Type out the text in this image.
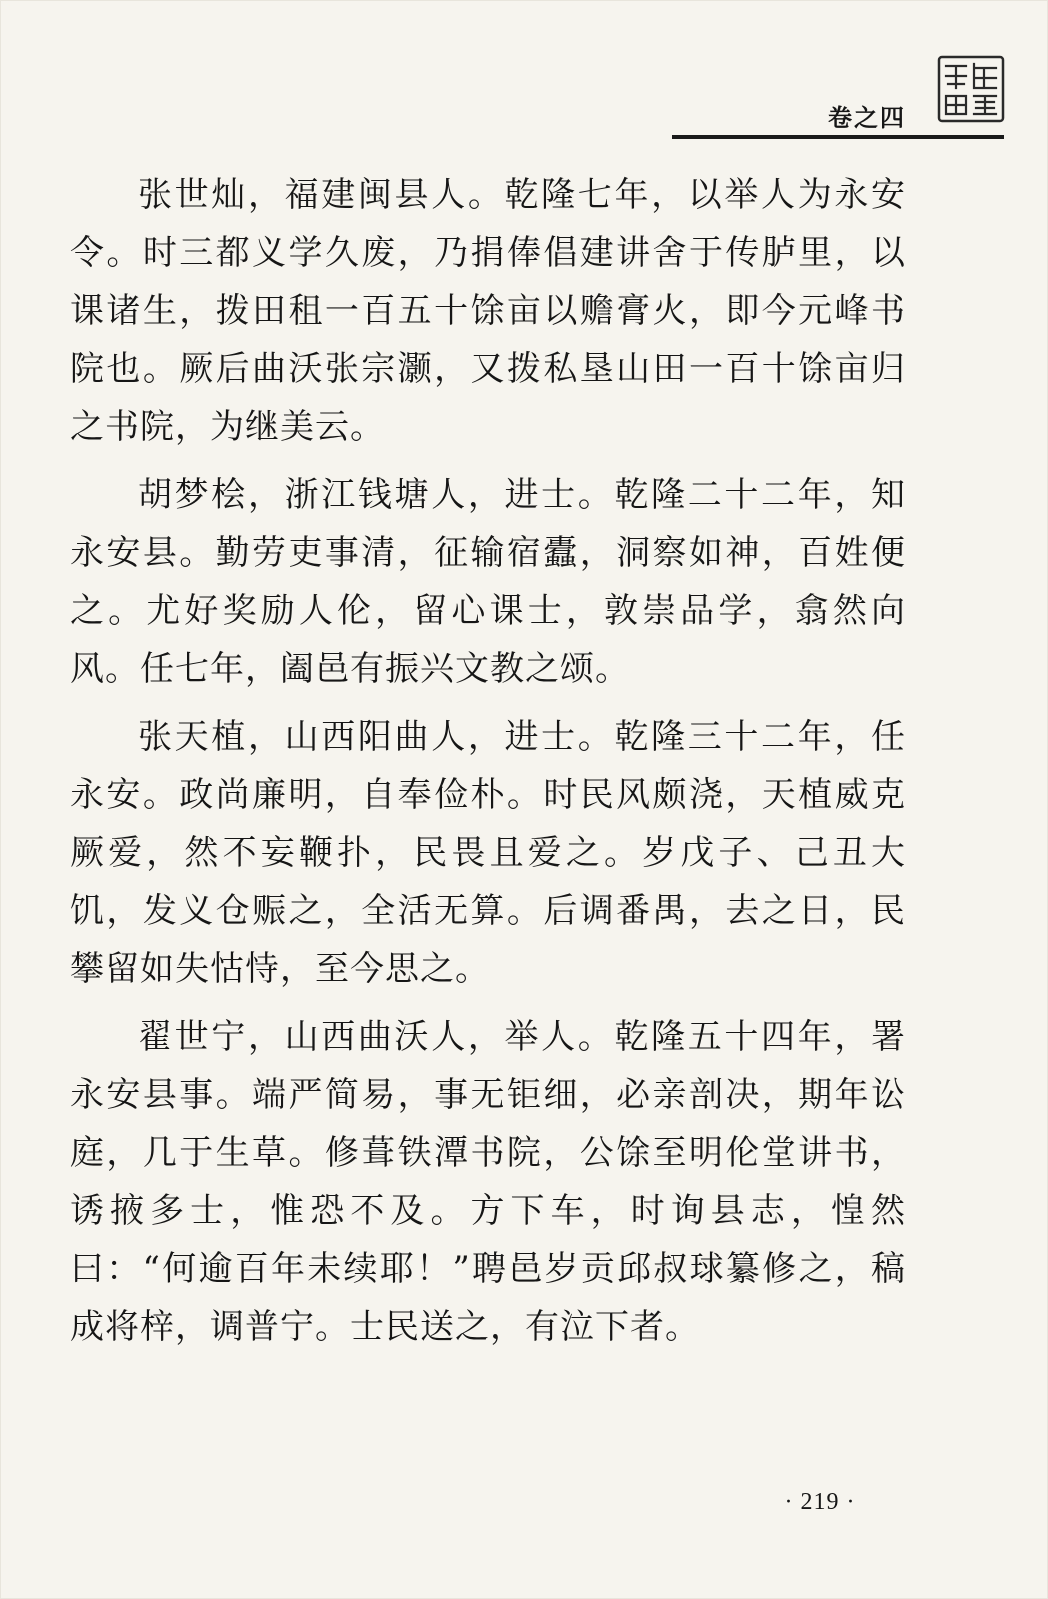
卷之四

张世灿，福建闽县人。乾隆七年，以举人为永安令。时三都义学久废，乃捐俸倡建讲舍于传胪里，以课诸生，拨田租一百五十馀亩以赡膏火，即今元峰书院也。厥后曲沃张宗灏，又拨私垦山田一百十馀亩归之书院，为继美云。

胡梦桧，浙江钱塘人，进士。乾隆二十二年，知永安县。勤劳吏事清，征输宿蠹，洞察如神，百姓便之。尤好奖励人伦，留心课士，敦崇品学，翕然向风。任七年，阖邑有振兴文教之颂。

张天植，山西阳曲人，进士。乾隆三十二年，任永安。政尚廉明，自奉俭朴。时民风颇浇，天植威克厥爱，然不妄鞭扑，民畏且爱之。岁戊子、己丑大饥，发义仓赈之，全活无算。后调番禺，去之日，民攀留如失怙恃，至今思之。

翟世宁，山西曲沃人，举人。乾隆五十四年，署永安县事。端严简易，事无钜细，必亲剖决，期年讼庭，几于生草。修葺铁潭书院，公馀至明伦堂讲书，诱掖多士，惟恐不及。方下车，时询县志，惶然曰：“何逾百年未续耶！”聘邑岁贡邱叔球纂修之，稿成将梓，调普宁。士民送之，有泣下者。

· 219 ·
